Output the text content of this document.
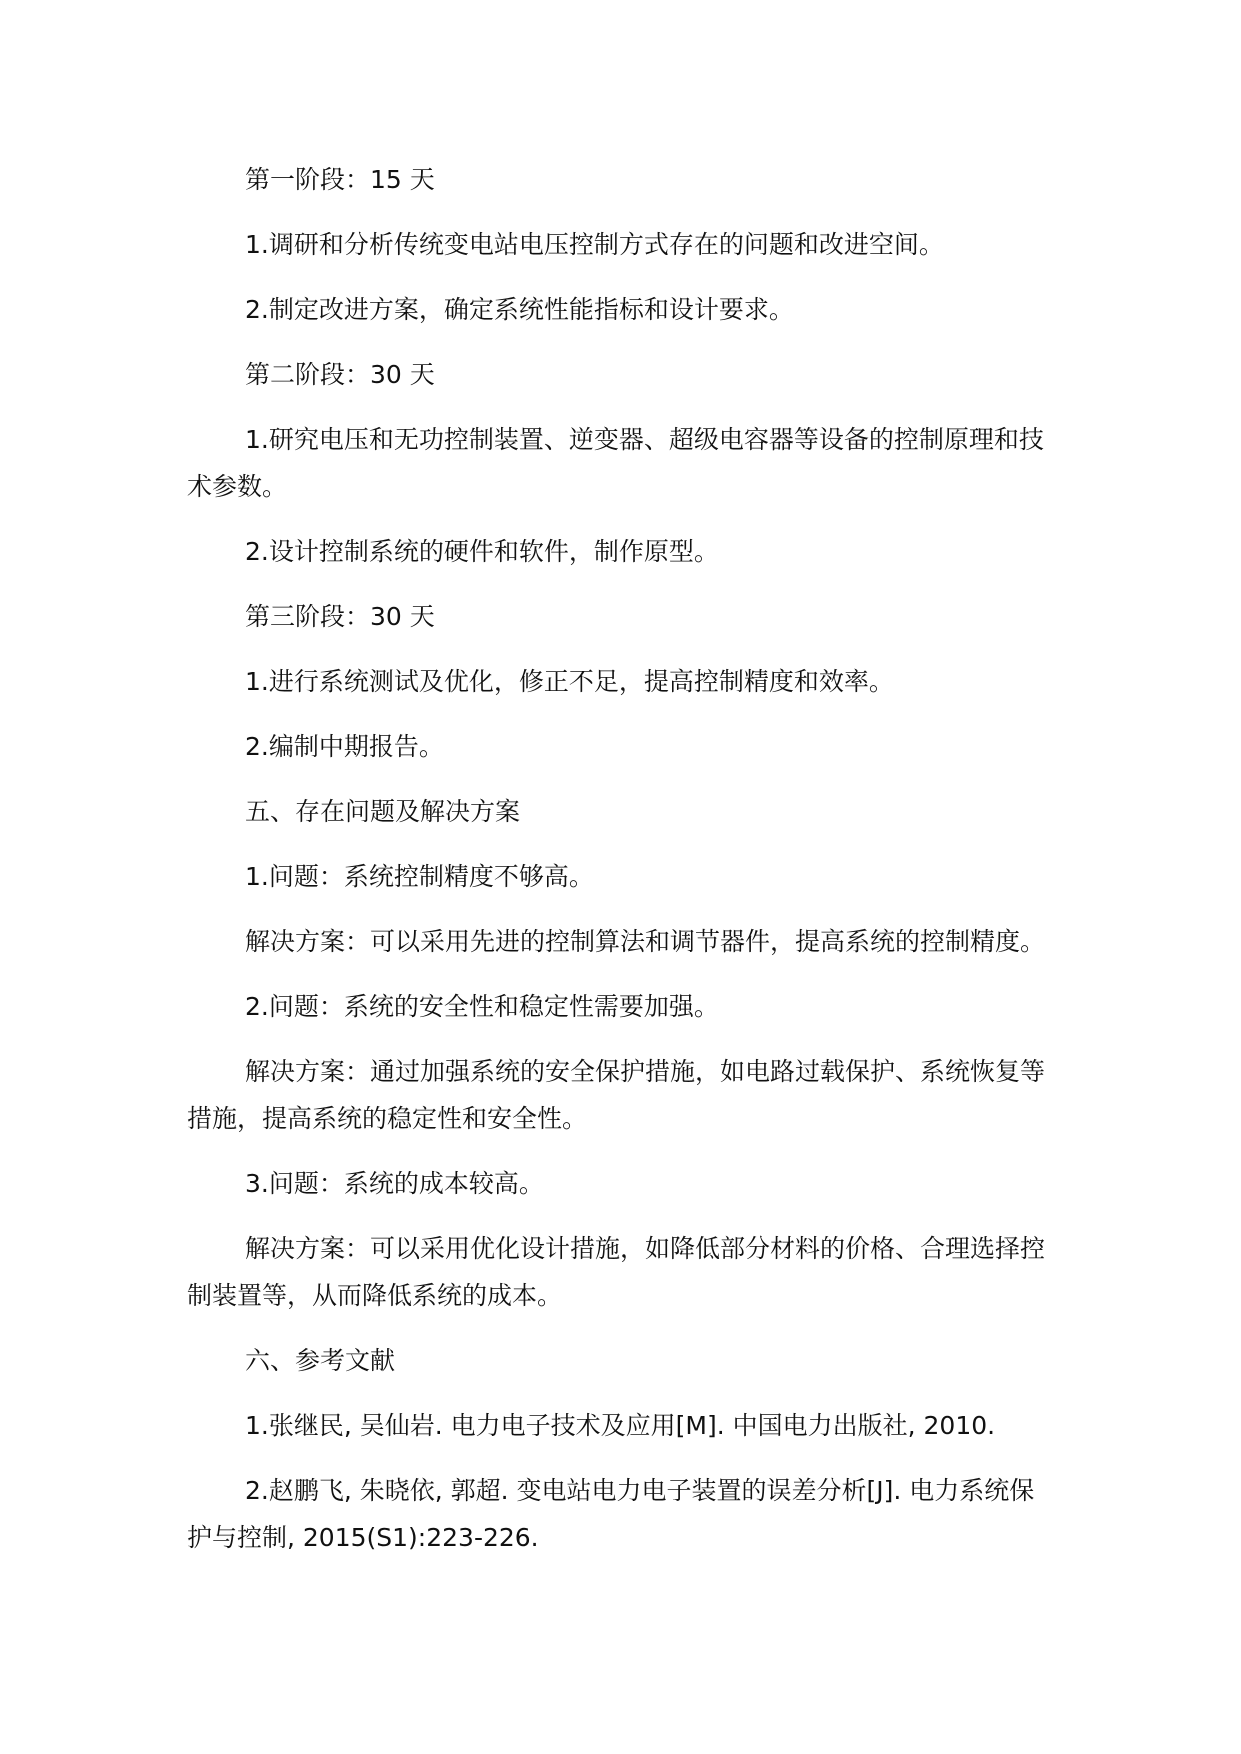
第一阶段：15 天

1.调研和分析传统变电站电压控制方式存在的问题和改进空间。

2.制定改进方案，确定系统性能指标和设计要求。

第二阶段：30 天

1.研究电压和无功控制装置、逆变器、超级电容器等设备的控制原理和技术参数。

2.设计控制系统的硬件和软件，制作原型。

第三阶段：30 天

1.进行系统测试及优化，修正不足，提高控制精度和效率。

2.编制中期报告。

五、存在问题及解决方案

1.问题：系统控制精度不够高。

解决方案：可以采用先进的控制算法和调节器件，提高系统的控制精度。

2.问题：系统的安全性和稳定性需要加强。

解决方案：通过加强系统的安全保护措施，如电路过载保护、系统恢复等措施，提高系统的稳定性和安全性。

3.问题：系统的成本较高。

解决方案：可以采用优化设计措施，如降低部分材料的价格、合理选择控制装置等，从而降低系统的成本。

六、参考文献

1.张继民, 吴仙岩. 电力电子技术及应用[M]. 中国电力出版社, 2010.

2.赵鹏飞, 朱晓依, 郭超. 变电站电力电子装置的误差分析[J]. 电力系统保护与控制, 2015(S1):223-226.
